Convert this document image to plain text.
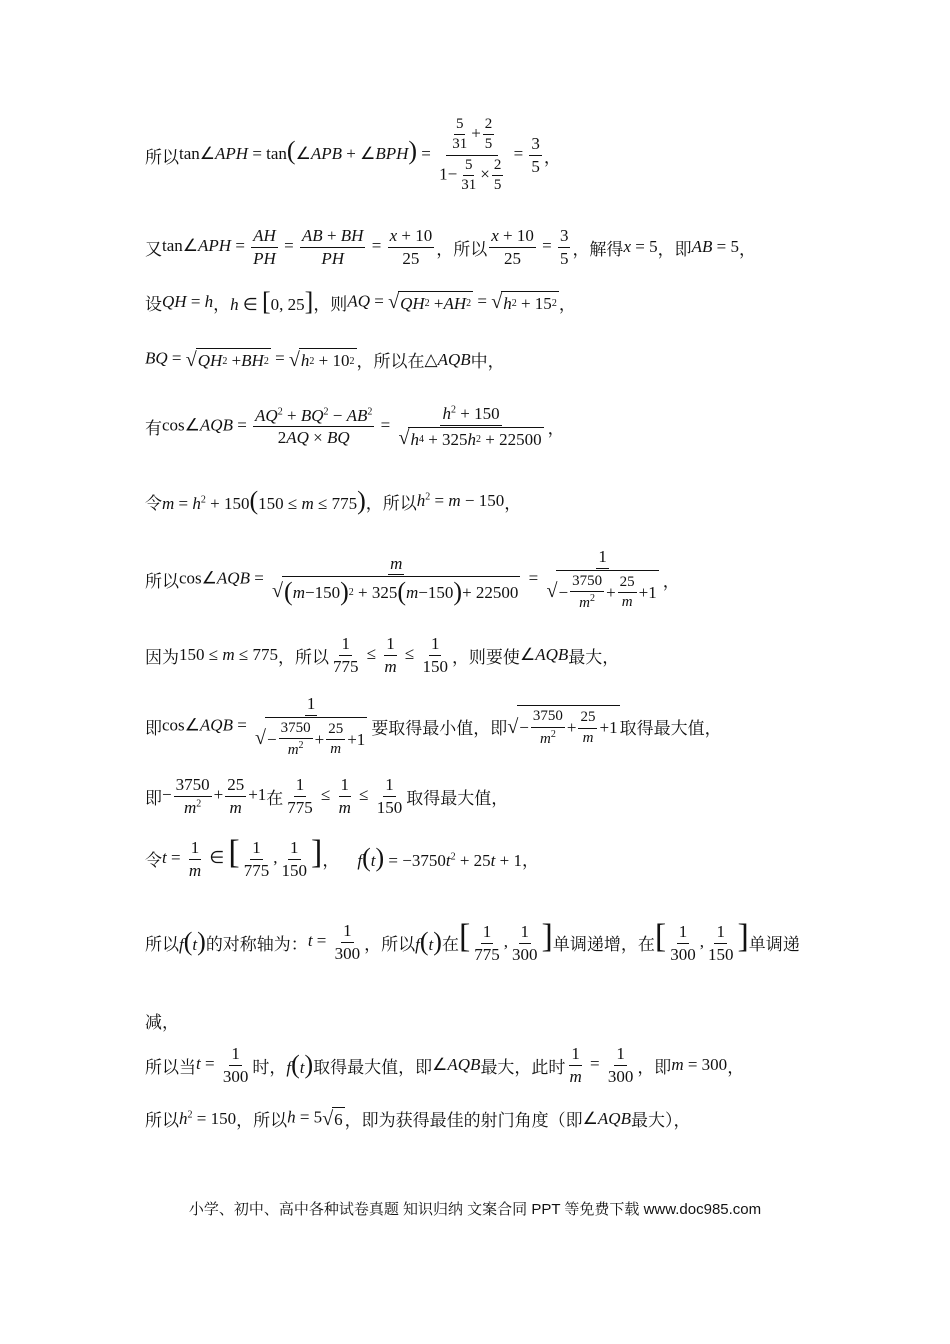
所以 tan∠APH = tan(∠APB + ∠BPH) = $\frac{\frac{5}{31} + \frac{2}{5}}{1- \frac{5}{31} \times \frac{2}{5}} = \frac{3}{5}$ ，
又 tan∠APH = $\frac{AH}{PH} = \frac{AB + BH}{PH} = \frac{x + 10}{25}$ ，所以 $\frac{x + 10}{25} = \frac{3}{5}$ ，解得 x = 5 ，即 AB = 5 ，
设 QH = h ， h ∈ [0, 25] ，则 AQ = √ QH 2 + AH 2 = √ h 2 + 15 2 ，
BQ = √ QH 2 + BH 2 = √ h 2 + 10 2 ，所以在 △AQB 中，
有 cos∠AQB = $\frac{AQ^2 + BQ^2 - AB^2}{2AQ \times BQ} = \frac{h^2 + 150}{√ h 4 + 325 h 2 + 22500}$ ，
令 $m = h^2 + 150(150 \le m \le 775)$ ，所以 $h^2 = m - 150$ ，
所以 cos∠AQB = $\frac{m}{√ ( m -150 ) 2 + 325 ( m -150 ) + 22500} = 1$
√ −
3750
$m^2$ +
25
m
+1 ，
因为 150 ≤ m ≤ 775 ，所以 $\frac{1}{775} \le \frac{1}{m} \le \frac{1}{150}$ ，则要使 ∠AQB 最大，
即 cos∠AQB = 1
√ −
3750
$m^2$ +
25
m
+1 要取得最小值，即 √ −
3750
$m^2$ +
25
m
+1 取得最大值，
即 − $\frac{3750}{m^2} + \frac{25}{m} +1$ 在 $\frac{1}{775} \le \frac{1}{m} \le \frac{1}{150}$ 取得最大值，
令 $t = \frac{1}{m}$ ∈ [ $\frac{1}{775}$ , $\frac{1}{150}$ ] ， $f(t) = -3750t^2 + 25t + 1$ ，
所以 f(t) 的对称轴为： $t = \frac{1}{300}$ ，所以 f(t) 在 [ $\frac{1}{775}$ , $\frac{1}{300}$ ] 单调递增，在 [ $\frac{1}{300}$ , $\frac{1}{150}$ ] 单调递
减，
所以当 $t = \frac{1}{300}$ 时， f(t) 取得最大值，即 ∠AQB 最大，此时 $\frac{1}{m} = \frac{1}{300}$ ，即 m = 300 ，
所以 $h^2 = 150$ ，所以 h = 5 √ 6 ，即为获得最佳的射门角度（即 ∠AQB 最大），
小学、初中、高中各种试卷真题 知识归纳 文案合同 PPT 等免费下载 www.doc985.com
